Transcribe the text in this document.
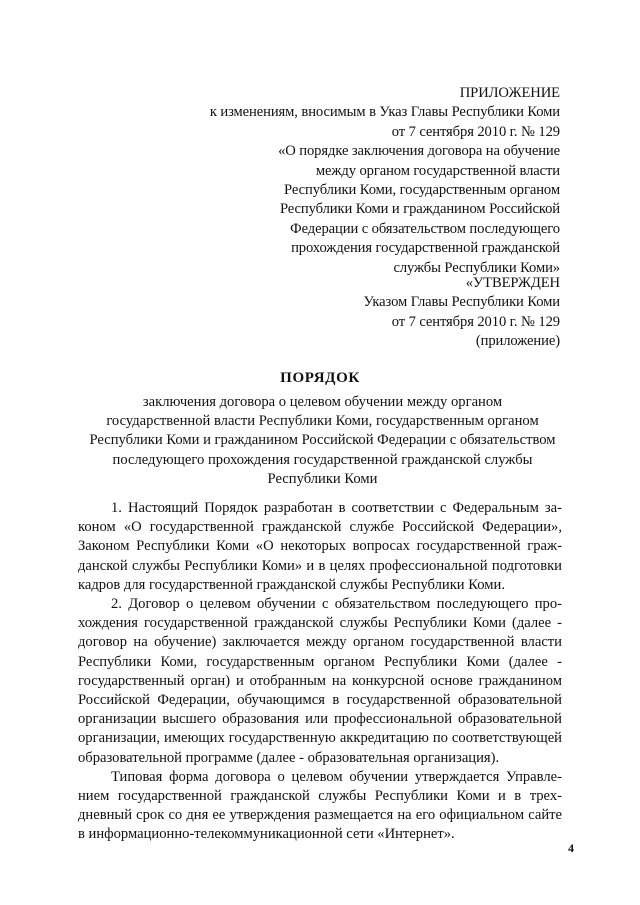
ПРИЛОЖЕНИЕ
к изменениям, вносимым в Указ Главы Республики Коми
от 7 сентября 2010 г. № 129
«О порядке заключения договора на обучение
между органом государственной власти
Республики Коми, государственным органом
Республики Коми и гражданином Российской
Федерации с обязательством последующего
прохождения государственной гражданской
службы Республики Коми»
«УТВЕРЖДЕН
Указом Главы Республики Коми
от 7 сентября 2010 г. № 129
(приложение)
ПОРЯДОК
заключения договора о целевом обучении между органом
государственной власти Республики Коми, государственным органом
Республики Коми и гражданином Российской Федерации с обязательством
последующего прохождения государственной гражданской службы
Республики Коми

1. Настоящий Порядок разработан в соответствии с Федеральным законом «О государственной гражданской службе Российской Федерации», Законом Республики Коми «О некоторых вопросах государственной гражданской службы Республики Коми» и в целях профессиональной подготовки кадров для государственной гражданской службы Республики Коми.

2. Договор о целевом обучении с обязательством последующего прохождения государственной гражданской службы Республики Коми (далее - договор на обучение) заключается между органом государственной власти Республики Коми, государственным органом Республики Коми (далее - государственный орган) и отобранным на конкурсной основе гражданином Российской Федерации, обучающимся в государственной образовательной организации высшего образования или профессиональной образовательной организации, имеющих государственную аккредитацию по соответствующей образовательной программе (далее - образовательная организация).

Типовая форма договора о целевом обучении утверждается Управлением государственной гражданской службы Республики Коми и в трехдневный срок со дня ее утверждения размещается на его официальном сайте в информационно-телекоммуникационной сети «Интернет».

4
